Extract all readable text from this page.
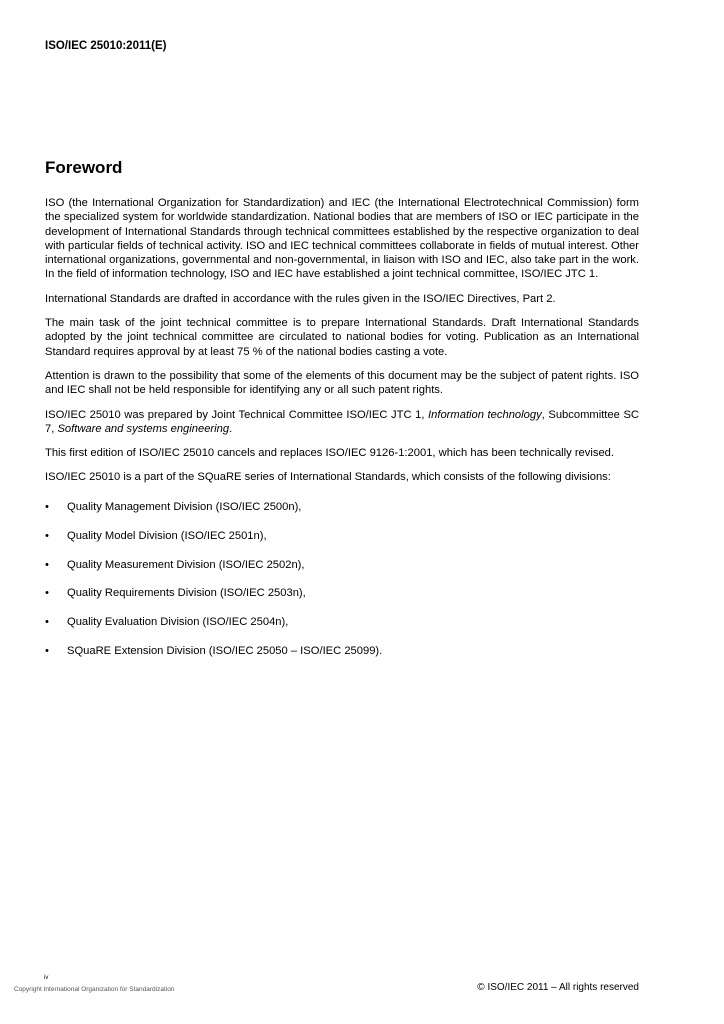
ISO/IEC 25010:2011(E)
Foreword

ISO (the International Organization for Standardization) and IEC (the International Electrotechnical Commission) form the specialized system for worldwide standardization. National bodies that are members of ISO or IEC participate in the development of International Standards through technical committees established by the respective organization to deal with particular fields of technical activity. ISO and IEC technical committees collaborate in fields of mutual interest. Other international organizations, governmental and non-governmental, in liaison with ISO and IEC, also take part in the work. In the field of information technology, ISO and IEC have established a joint technical committee, ISO/IEC JTC 1.

International Standards are drafted in accordance with the rules given in the ISO/IEC Directives, Part 2.

The main task of the joint technical committee is to prepare International Standards. Draft International Standards adopted by the joint technical committee are circulated to national bodies for voting. Publication as an International Standard requires approval by at least 75 % of the national bodies casting a vote.

Attention is drawn to the possibility that some of the elements of this document may be the subject of patent rights. ISO and IEC shall not be held responsible for identifying any or all such patent rights.

ISO/IEC 25010 was prepared by Joint Technical Committee ISO/IEC JTC 1, Information technology, Subcommittee SC 7, Software and systems engineering.

This first edition of ISO/IEC 25010 cancels and replaces ISO/IEC 9126-1:2001, which has been technically revised.

ISO/IEC 25010 is a part of the SQuaRE series of International Standards, which consists of the following divisions:

• Quality Management Division (ISO/IEC 2500n),
• Quality Model Division (ISO/IEC 2501n),
• Quality Measurement Division (ISO/IEC 2502n),
• Quality Requirements Division (ISO/IEC 2503n),
• Quality Evaluation Division (ISO/IEC 2504n),
• SQuaRE Extension Division (ISO/IEC 25050 – ISO/IEC 25099).
iv
Copyright International Organization for Standardization	© ISO/IEC 2011 – All rights reserved
